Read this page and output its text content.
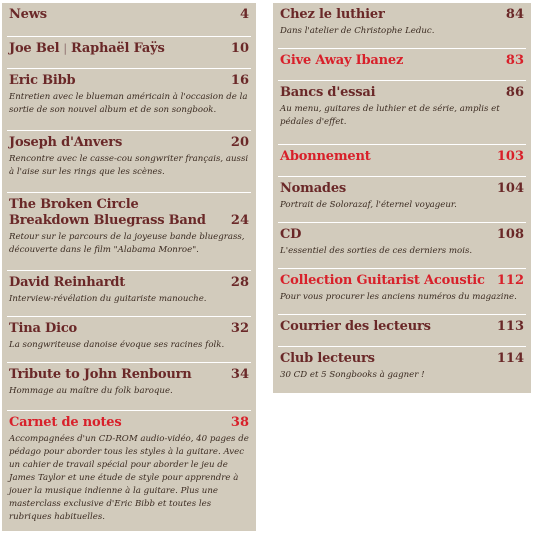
News	4
Joe Bel | Raphaël Faÿs	10
Eric Bibb	16
Entretien avec le blueman américain à l'occasion de la sortie de son nouvel album et de son songbook.
Joseph d'Anvers	20
Rencontre avec le casse-cou songwriter français, aussi à l'aise sur les rings que les scènes.
The Broken Circle
Breakdown Bluegrass Band	24
Retour sur le parcours de la joyeuse bande bluegrass, découverte dans le film "Alabama Monroe".
David Reinhardt	28
Interview-révélation du guitariste manouche.
Tina Dico	32
La songwriteuse danoise évoque ses racines folk.
Tribute to John Renbourn	34
Hommage au maître du folk baroque.
Carnet de notes	38
Accompagnées d'un CD-ROM audio-vidéo, 40 pages de pédago pour aborder tous les styles à la guitare. Avec un cahier de travail spécial pour aborder le jeu de James Taylor et une étude de style pour apprendre à jouer la musique indienne à la guitare. Plus une masterclass exclusive d'Eric Bibb et toutes les rubriques habituelles.
Chez le luthier	84
Dans l'atelier de Christophe Leduc.
Give Away Ibanez	83
Bancs d'essai	86
Au menu, guitares de luthier et de série, amplis et pédales d'effet.
Abonnement	103
Nomades	104
Portrait de Solorazaf, l'éternel voyageur.
CD	108
L'essentiel des sorties de ces derniers mois.
Collection Guitarist Acoustic 112
Pour vous procurer les anciens numéros du magazine.
Courrier des lecteurs	113
Club lecteurs	114
30 CD et 5 Songbooks à gagner !
